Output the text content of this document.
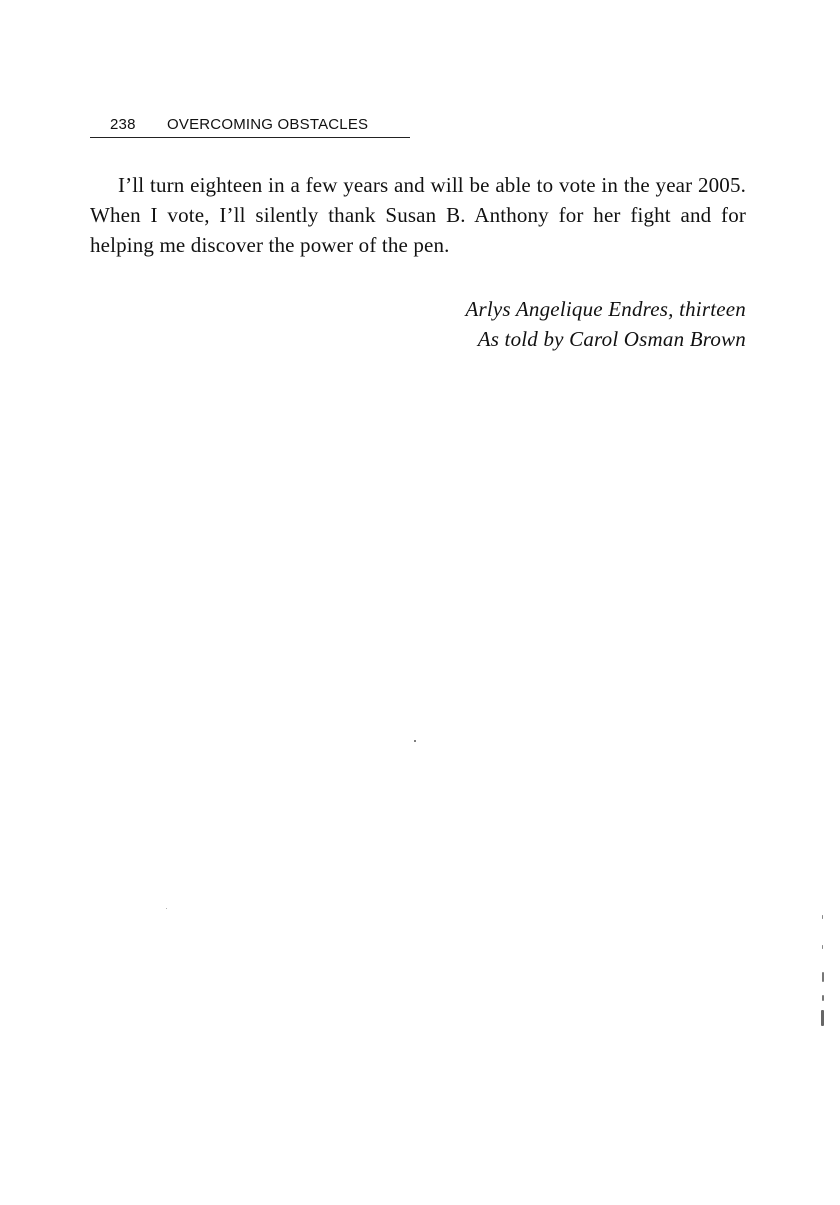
238 OVERCOMING OBSTACLES

I’ll turn eighteen in a few years and will be able to vote in the year 2005. When I vote, I’ll silently thank Susan B. Anthony for her fight and for helping me discover the power of the pen.

Arlys Angelique Endres, thirteen
As told by Carol Osman Brown
